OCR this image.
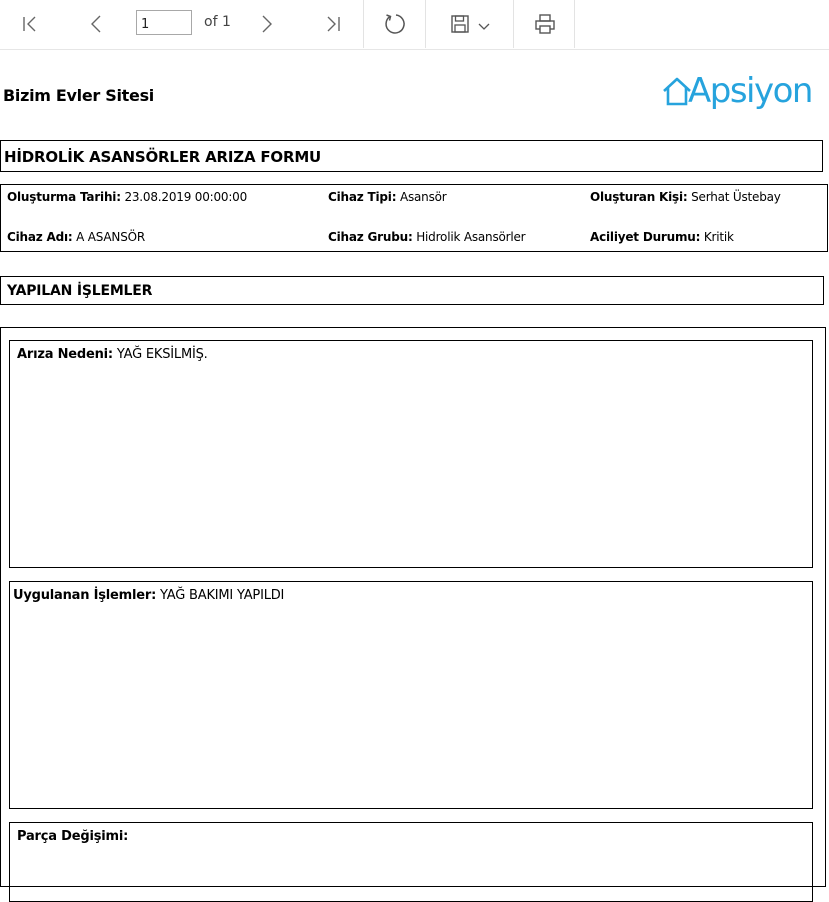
1
of 1
Bizim Evler Sitesi	Apsiyon
HİDROLİK ASANSÖRLER ARIZA FORMU
Oluşturma Tarihi: 23.08.2019 00:00:00	Cihaz Tipi: Asansör	Oluşturan Kişi: Serhat Üstebay
Cihaz Adı: A ASANSÖR	Cihaz Grubu: Hidrolik Asansörler	Aciliyet Durumu: Kritik
YAPILAN İŞLEMLER
Arıza Nedeni: YAĞ EKSİLMİŞ.
Uygulanan İşlemler: YAĞ BAKIMI YAPILDI
Parça Değişimi:
